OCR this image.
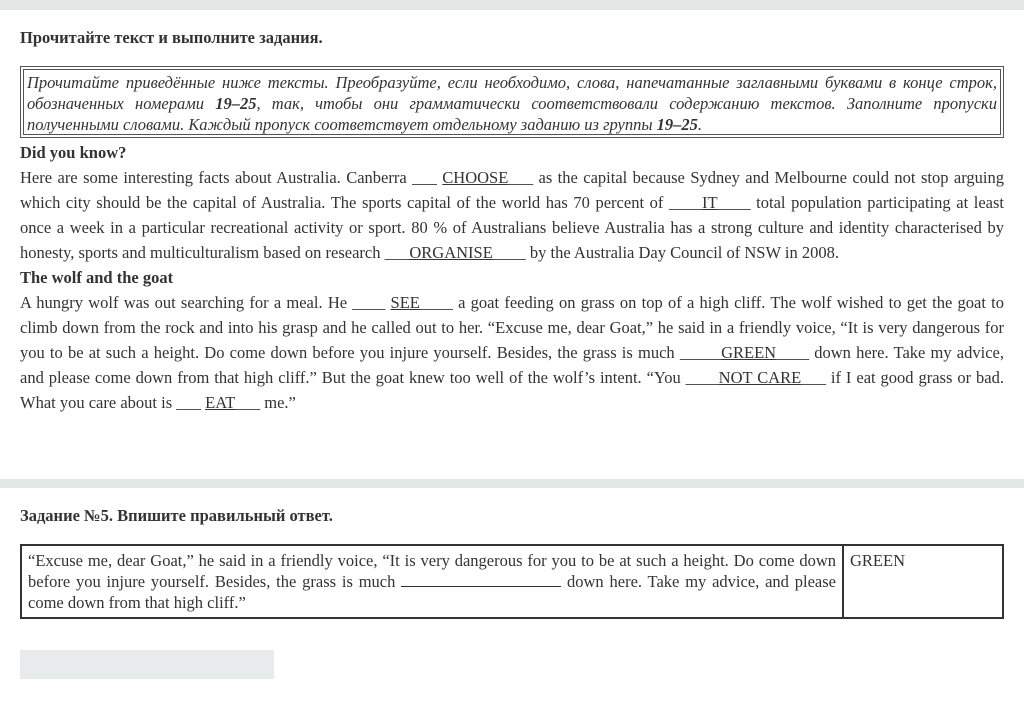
Прочитайте текст и выполните задания.
Прочитайте приведённые ниже тексты. Преобразуйте, если необходимо, слова, напечатанные заглавными буквами в конце строк, обозначенных номерами 19–25, так, чтобы они грамматически соответствовали содержанию текстов. Заполните пропуски полученными словами. Каждый пропуск соответствует отдельному заданию из группы 19–25.
Did you know?

Here are some interesting facts about Australia. Canberra ___ CHOOSE___ as the capital because Sydney and Melbourne could not stop arguing which city should be the capital of Australia. The sports capital of the world has 70 percent of ____IT____ total population participating at least once a week in a particular recreational activity or sport. 80 % of Australians believe Australia has a strong culture and identity characterised by honesty, sports and multiculturalism based on research ___ORGANISE____ by the Australia Day Council of NSW in 2008.

The wolf and the goat

A hungry wolf was out searching for a meal. He ____ SEE____ a goat feeding on grass on top of a high cliff. The wolf wished to get the goat to climb down from the rock and into his grasp and he called out to her. “Excuse me, dear Goat,” he said in a friendly voice, “It is very dangerous for you to be at such a height. Do come down before you injure yourself. Besides, the grass is much _____GREEN____ down here. Take my advice, and please come down from that high cliff.” But the goat knew too well of the wolf’s intent. “You ____NOT CARE___ if I eat good grass or bad. What you care about is ___ EAT___ me.”

Задание №5. Впишите правильный ответ.
“Excuse me, dear Goat,” he said in a friendly voice, “It is very dangerous for you to be at such a height. Do come down before you injure yourself. Besides, the grass is much	down here. Take my advice, and please come down from that high cliff.”	GREEN
